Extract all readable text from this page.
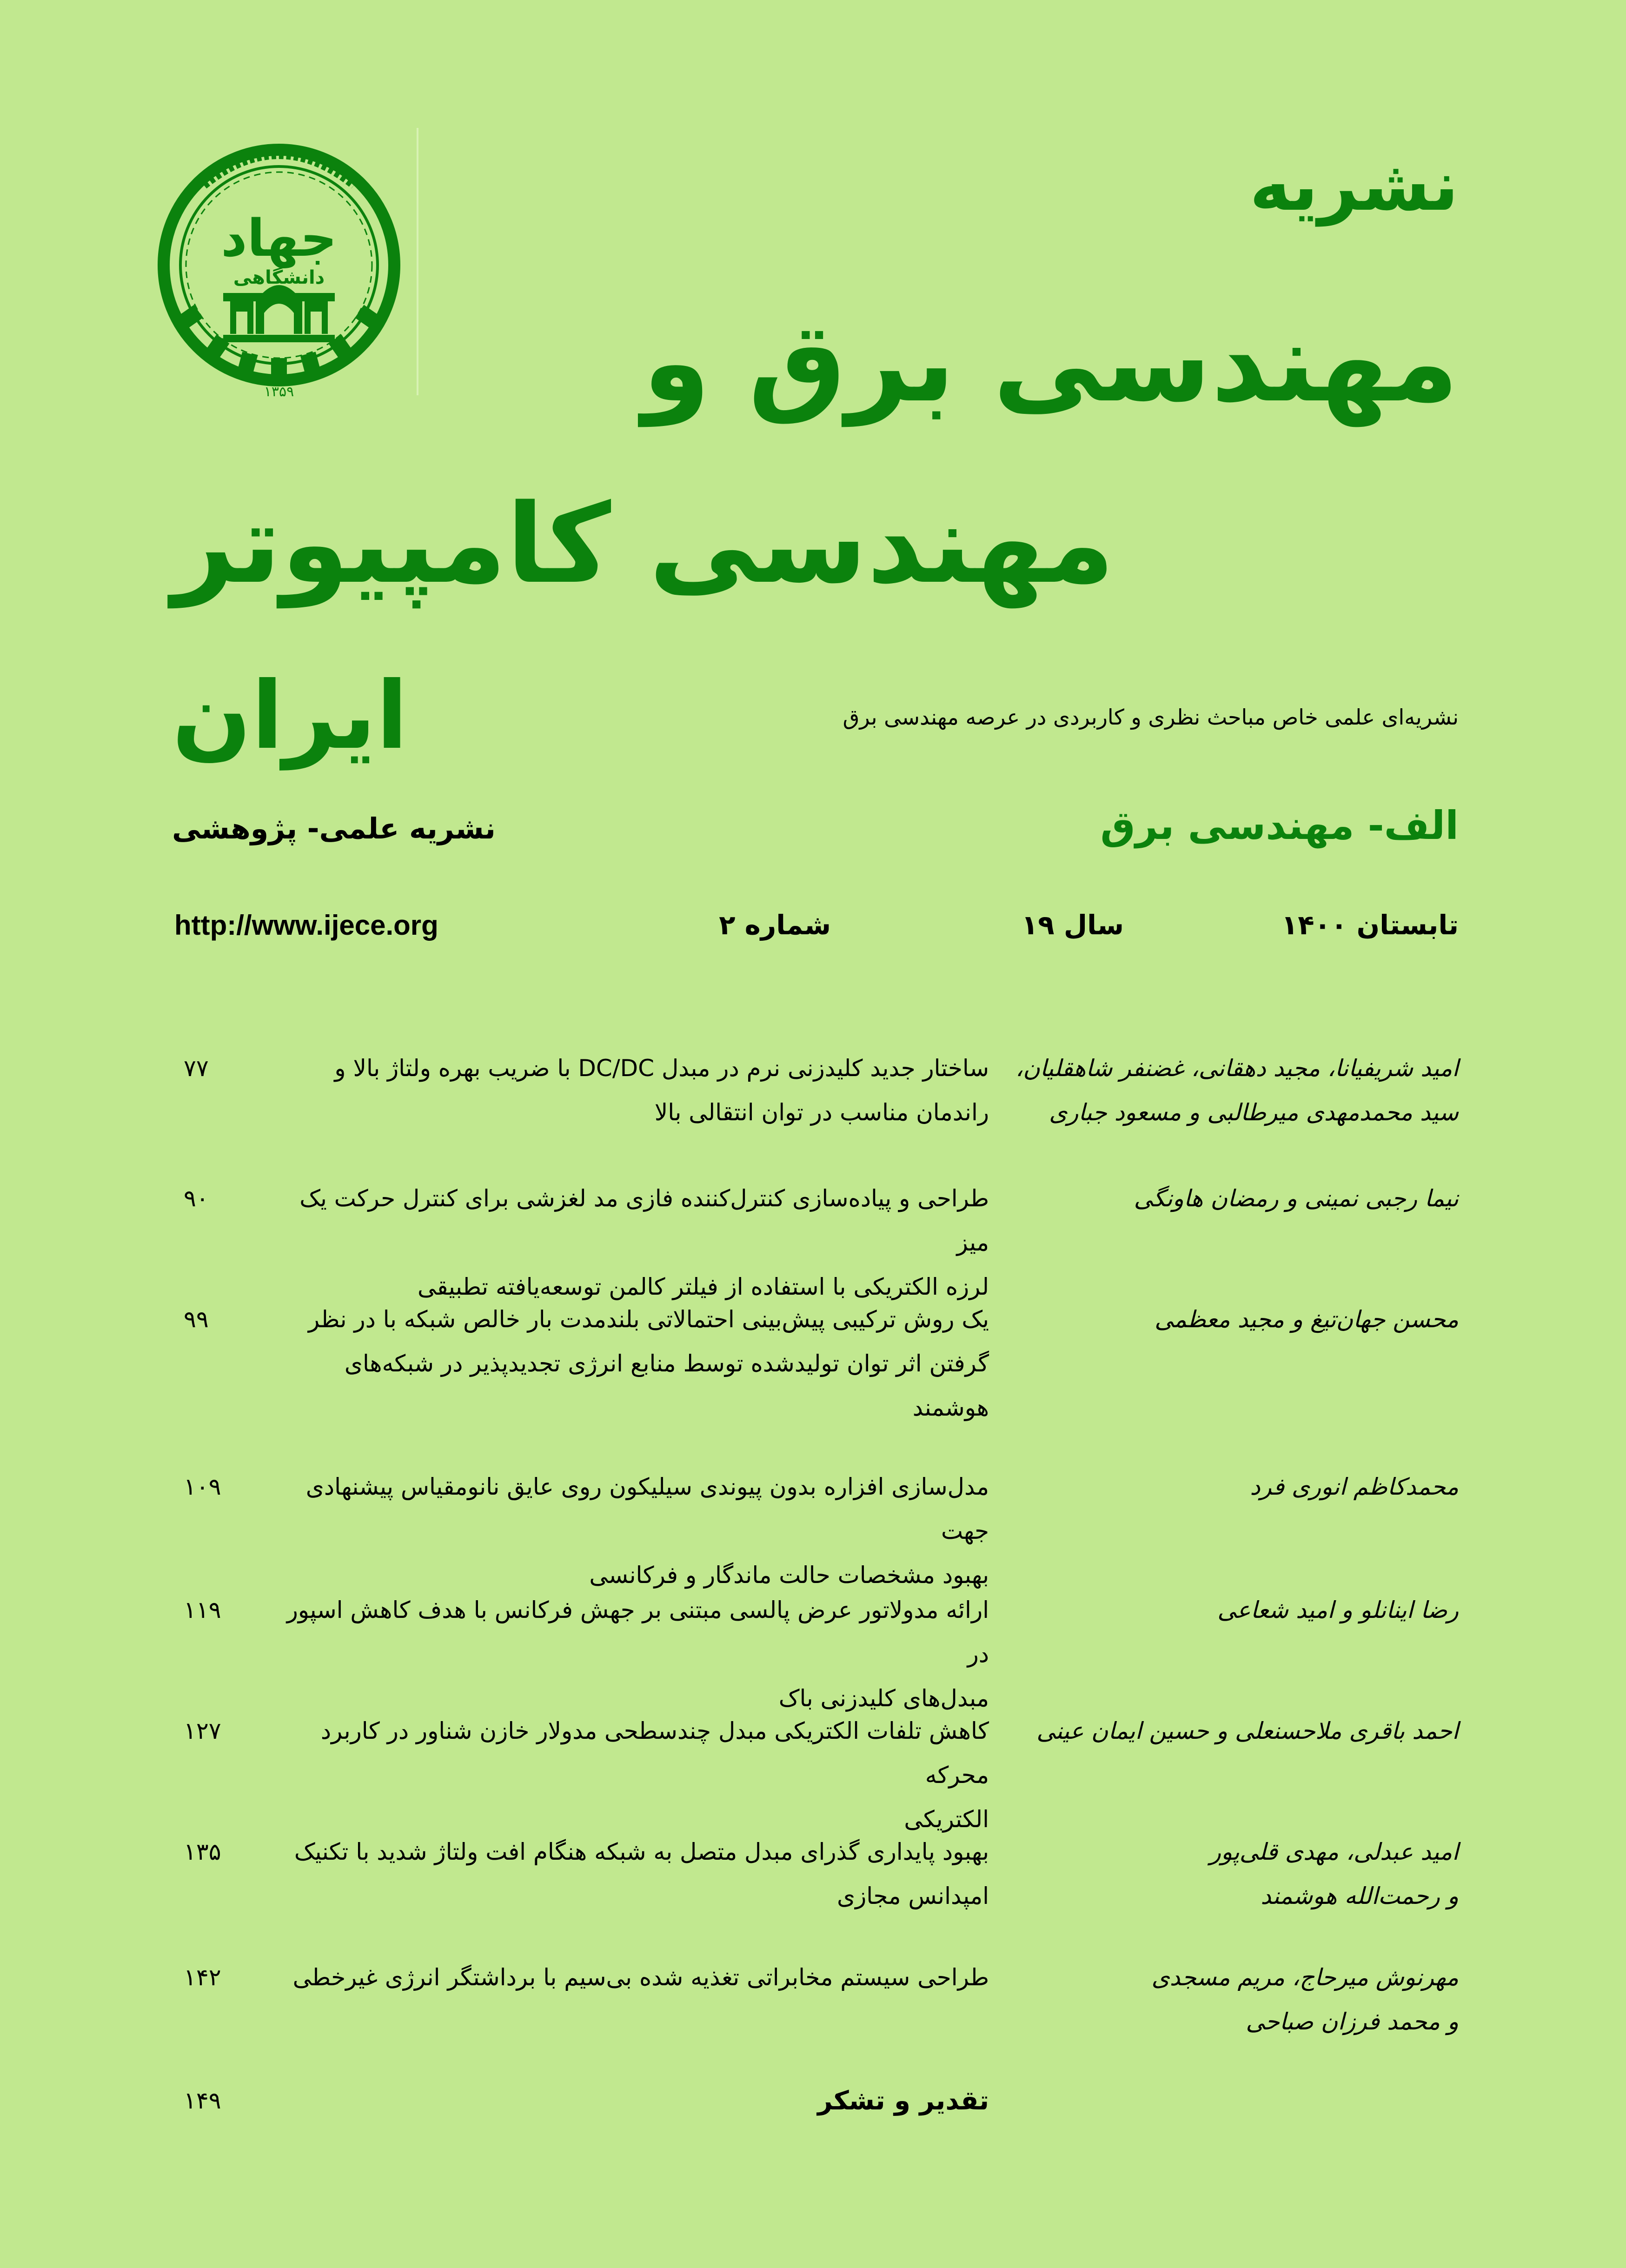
جهاد
دانشگاهی
۱۳۵۹
نشریه
مهندسی برق و
مهندسی کامپیوتر
ایران	نشریه‌ای علمی خاص مباحث نظری و کاربردی در عرصه مهندسی برق
الف- مهندسی برق
نشریه علمی- پژوهشی
تابستان ۱۴۰۰
سال ۱۹
شماره ۲
http://www.ijece.org
امید شریفیانا، مجید دهقانی، غضنفر شاهقلیان،
سید محمدمهدی میرطالبی و مسعود جباری
ساختار جدید کلیدزنی نرم در مبدل DC/DC با ضریب بهره ولتاژ بالا و
راندمان مناسب در توان انتقالی بالا
۷۷
نیما رجبی نمینی و رمضان هاونگی
طراحی و پیاده‌سازی کنترل‌کننده فازی مد لغزشی برای کنترل حرکت یک میز
لرزه الکتریکی با استفاده از فیلتر کالمن توسعه‌یافته تطبیقی
۹۰
محسن جهان‌تیغ و مجید معظمی
یک روش ترکیبی پیش‌بینی احتمالاتی بلندمدت بار خالص شبکه با در نظر
گرفتن اثر توان تولیدشده توسط منابع انرژی تجدیدپذیر در شبکه‌های
هوشمند
۹۹
محمدکاظم انوری فرد
مدل‌سازی افزاره بدون پیوندی سیلیکون روی عایق نانومقیاس پیشنهادی جهت
بهبود مشخصات حالت ماندگار و فرکانسی
۱۰۹
رضا اینانلو و امید شعاعی
ارائه مدولاتور عرض پالسی مبتنی بر جهش فرکانس با هدف کاهش اسپور در
مبدل‌های کلیدزنی باک
۱۱۹
احمد باقری ملاحسنعلی و حسین ایمان عینی
کاهش تلفات الکتریکی مبدل چندسطحی مدولار خازن شناور در کاربرد محرکه
الکتریکی
۱۲۷
امید عبدلی، مهدی قلی‌پور
و رحمت‌الله هوشمند
بهبود پایداری گذرای مبدل متصل به شبکه هنگام افت ولتاژ شدید با تکنیک
امپدانس مجازی
۱۳۵
مهرنوش میرحاج، مریم مسجدی
و محمد فرزان صباحی
طراحی سیستم مخابراتی تغذیه شده بی‌سیم با برداشتگر انرژی غیرخطی
۱۴۲
تقدیر و تشکر
۱۴۹
